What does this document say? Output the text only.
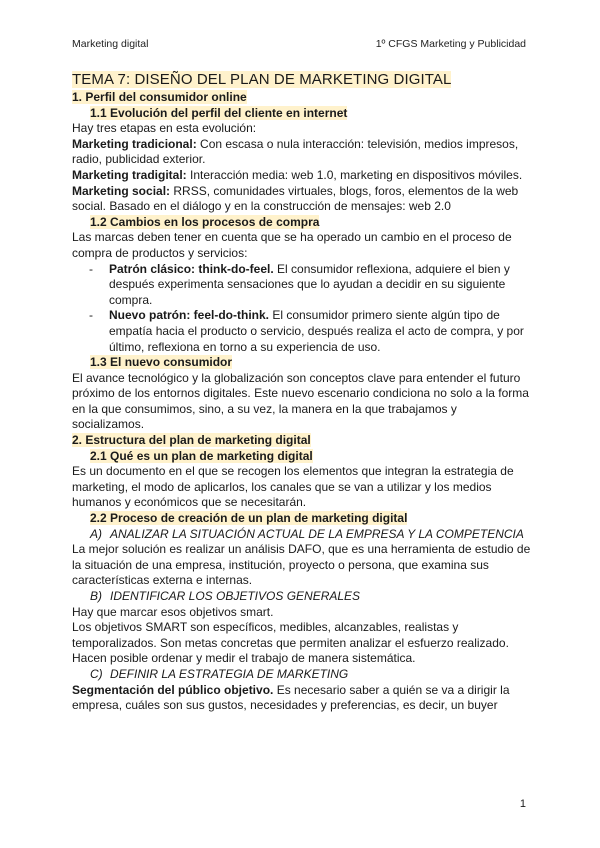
Marketing digital	1º CFGS Marketing y Publicidad
TEMA 7: DISEÑO DEL PLAN DE MARKETING DIGITAL
1. Perfil del consumidor online
1.1 Evolución del perfil del cliente en internet

Hay tres etapas en esta evolución:

Marketing tradicional: Con escasa o nula interacción: televisión, medios impresos, radio, publicidad exterior.

Marketing tradigital: Interacción media: web 1.0, marketing en dispositivos móviles.

Marketing social: RRSS, comunidades virtuales, blogs, foros, elementos de la web social. Basado en el diálogo y en la construcción de mensajes: web 2.0

1.2 Cambios en los procesos de compra

Las marcas deben tener en cuenta que se ha operado un cambio en el proceso de compra de productos y servicios:

- Patrón clásico: think-do-feel. El consumidor reflexiona, adquiere el bien y después experimenta sensaciones que lo ayudan a decidir en su siguiente compra.
- Nuevo patrón: feel-do-think. El consumidor primero siente algún tipo de empatía hacia el producto o servicio, después realiza el acto de compra, y por último, reflexiona en torno a su experiencia de uso.
1.3 El nuevo consumidor

El avance tecnológico y la globalización son conceptos clave para entender el futuro próximo de los entornos digitales. Este nuevo escenario condiciona no solo a la forma en la que consumimos, sino, a su vez, la manera en la que trabajamos y socializamos.

2. Estructura del plan de marketing digital
2.1 Qué es un plan de marketing digital

Es un documento en el que se recogen los elementos que integran la estrategia de marketing, el modo de aplicarlos, los canales que se van a utilizar y los medios humanos y económicos que se necesitarán.

2.2 Proceso de creación de un plan de marketing digital
A) ANALIZAR LA SITUACIÓN ACTUAL DE LA EMPRESA Y LA COMPETENCIA

La mejor solución es realizar un análisis DAFO, que es una herramienta de estudio de la situación de una empresa, institución, proyecto o persona, que examina sus características externa e internas.

B) IDENTIFICAR LOS OBJETIVOS GENERALES

Hay que marcar esos objetivos smart.

Los objetivos SMART son específicos, medibles, alcanzables, realistas y temporalizados. Son metas concretas que permiten analizar el esfuerzo realizado. Hacen posible ordenar y medir el trabajo de manera sistemática.

C) DEFINIR LA ESTRATEGIA DE MARKETING

Segmentación del público objetivo. Es necesario saber a quién se va a dirigir la empresa, cuáles son sus gustos, necesidades y preferencias, es decir, un buyer

1
